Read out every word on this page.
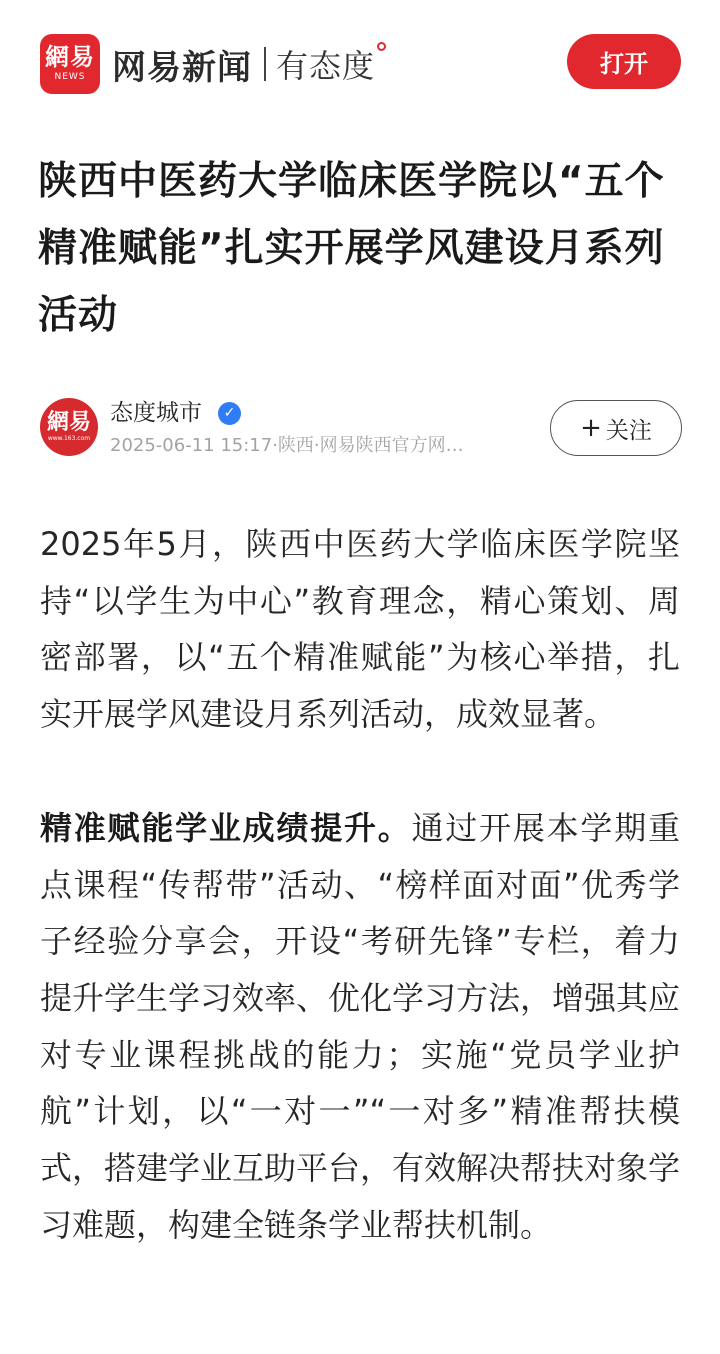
網易
NEWS 网易新闻 有态度	打开
陕西中医药大学临床医学院以“五个精准赋能”扎实开展学风建设月系列活动
網易
www.163.com
态度城市	✓
2025-06-11 15:17·陕西·网易陕西官方网…
+ 关注

2025年5月，陕西中医药大学临床医学院坚持“以学生为中心”教育理念，精心策划、周密部署，以“五个精准赋能”为核心举措，扎实开展学风建设月系列活动，成效显著。

精准赋能学业成绩提升。通过开展本学期重点课程“传帮带”活动、“榜样面对面”优秀学子经验分享会，开设“考研先锋”专栏，着力提升学生学习效率、优化学习方法，增强其应对专业课程挑战的能力；实施“党员学业护航”计划，以“一对一”“一对多”精准帮扶模式，搭建学业互助平台，有效解决帮扶对象学习难题，构建全链条学业帮扶机制。
